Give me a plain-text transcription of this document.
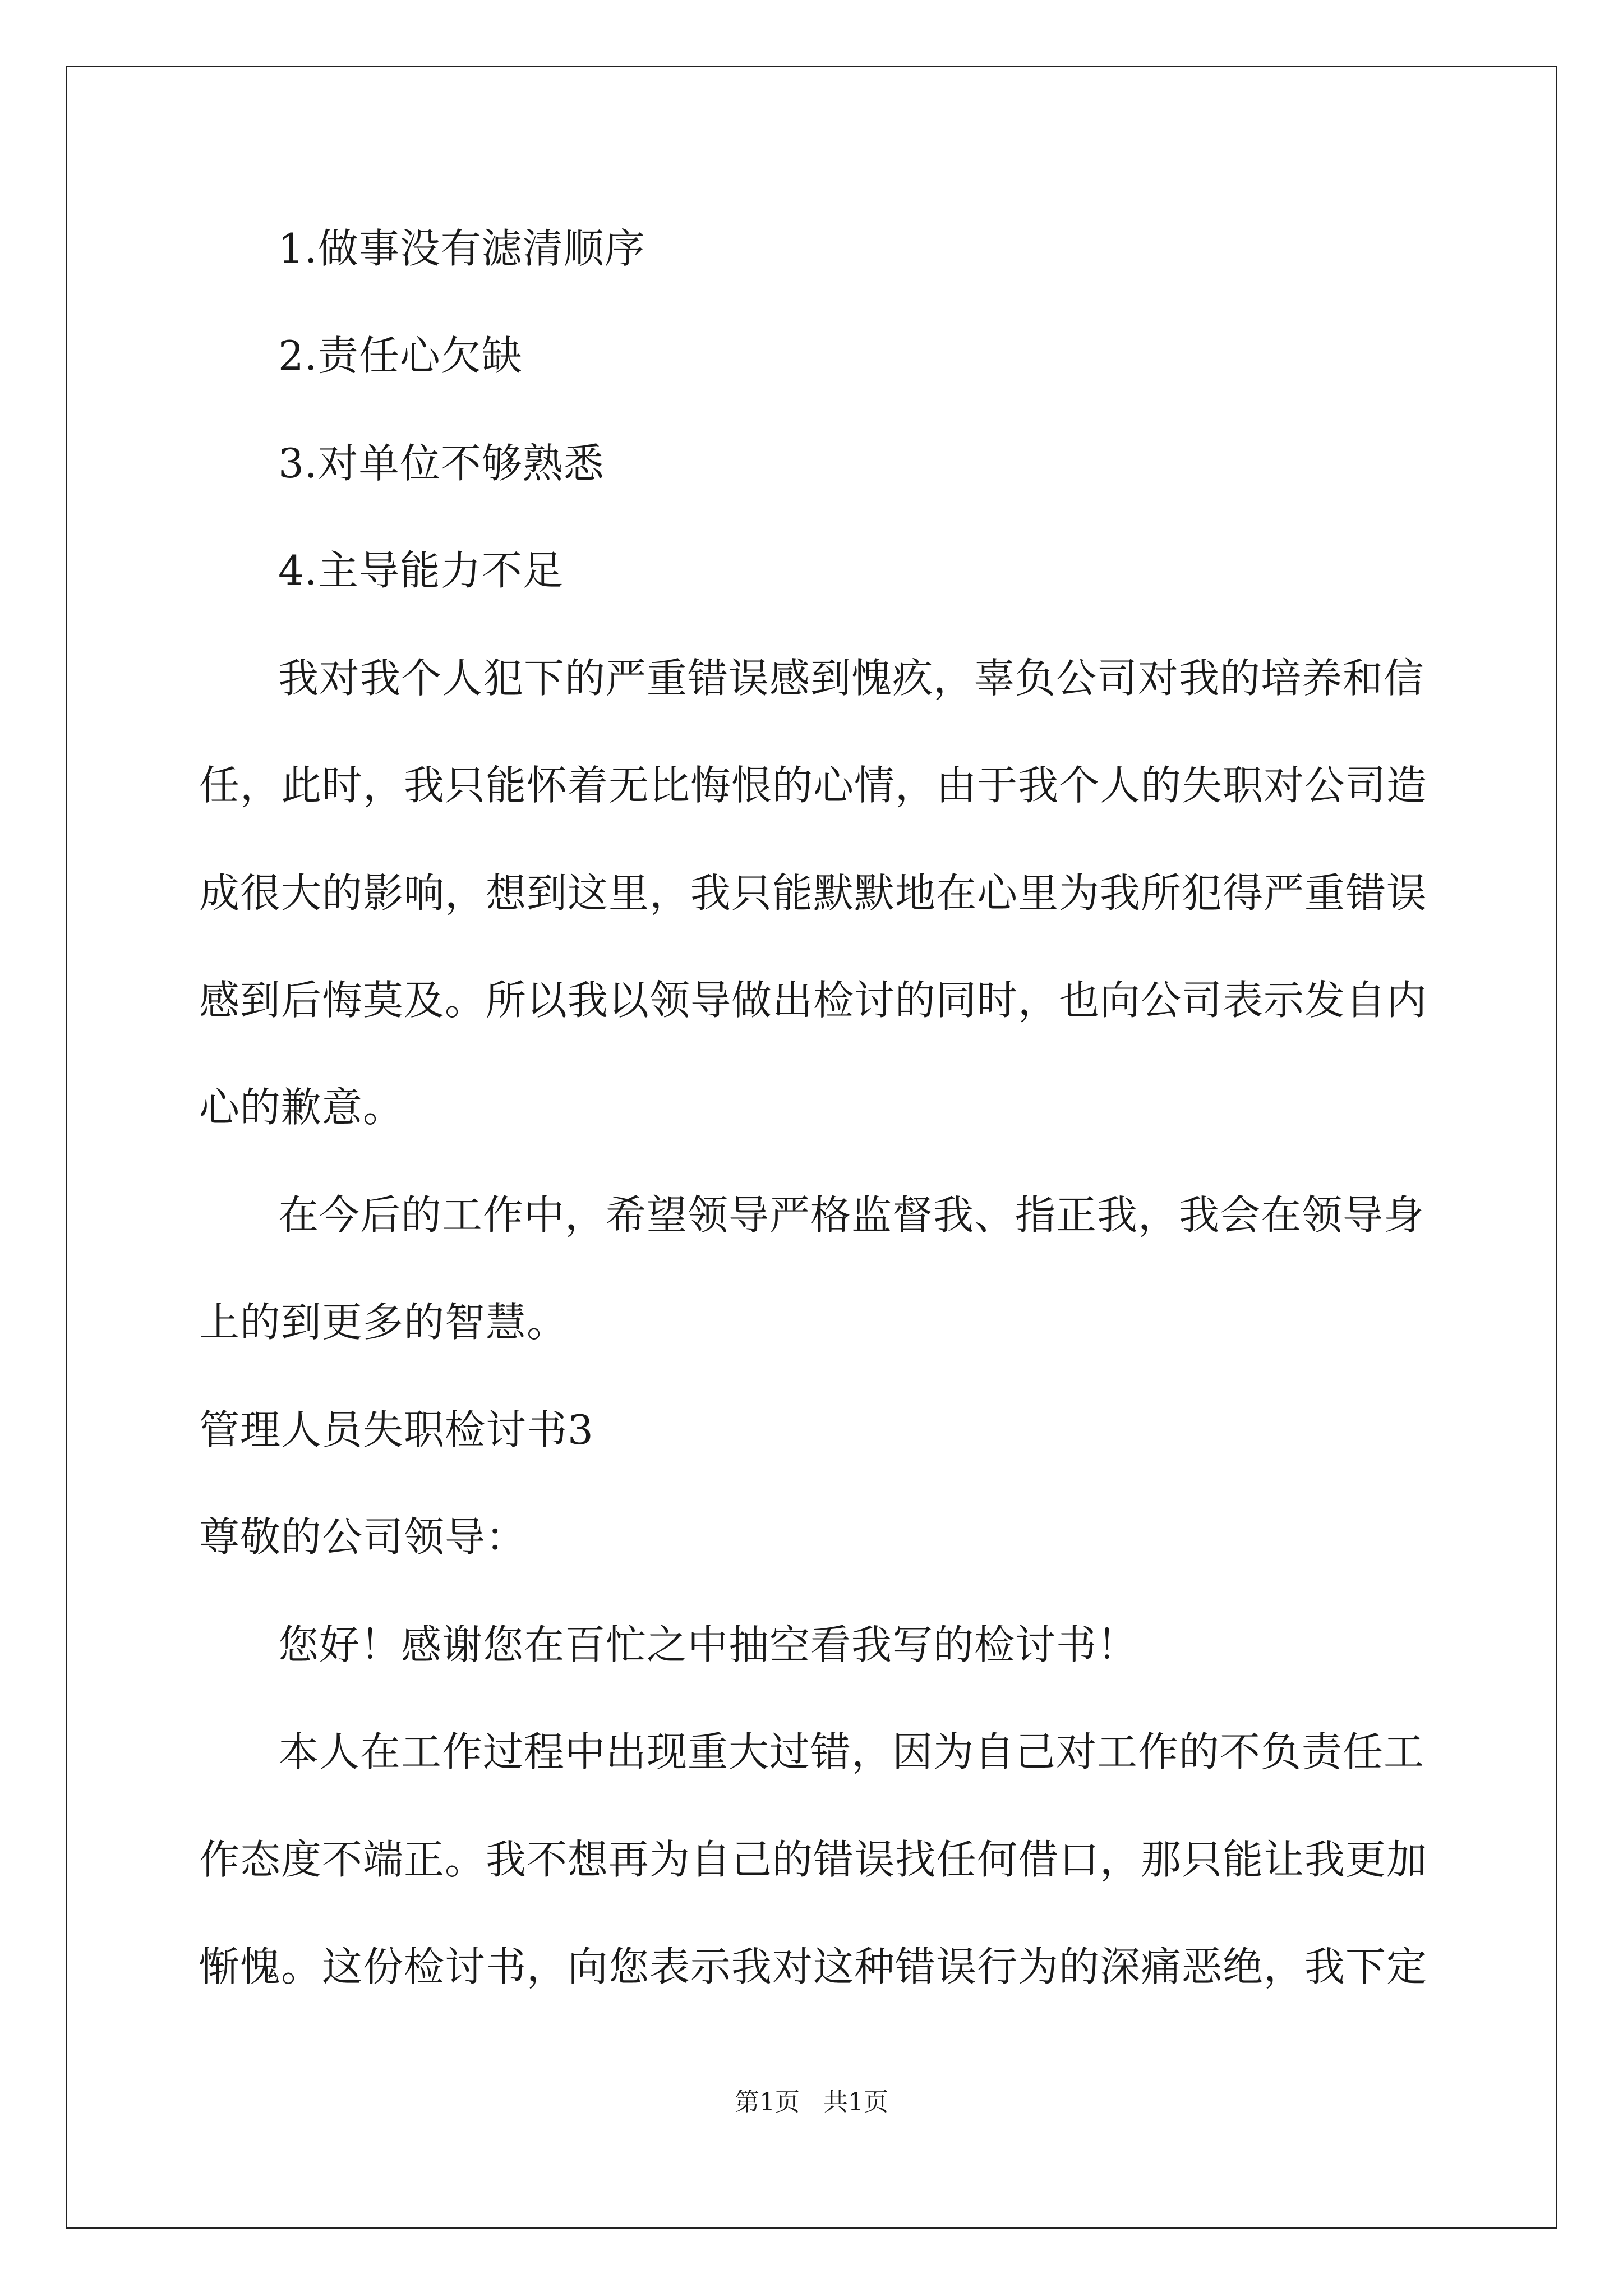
1.做事没有滤清顺序
2.责任心欠缺
3.对单位不够熟悉
4.主导能力不足
我对我个人犯下的严重错误感到愧疚，辜负公司对我的培养和信
任，此时，我只能怀着无比悔恨的心情，由于我个人的失职对公司造
成很大的影响，想到这里，我只能默默地在心里为我所犯得严重错误
感到后悔莫及。所以我以领导做出检讨的同时，也向公司表示发自内
心的歉意。
在今后的工作中，希望领导严格监督我、指正我，我会在领导身
上的到更多的智慧。
管理人员失职检讨书3
尊敬的公司领导：
您好！感谢您在百忙之中抽空看我写的检讨书！
本人在工作过程中出现重大过错，因为自己对工作的不负责任工
作态度不端正。我不想再为自己的错误找任何借口，那只能让我更加
惭愧。这份检讨书，向您表示我对这种错误行为的深痛恶绝，我下定
第1页   共1页
